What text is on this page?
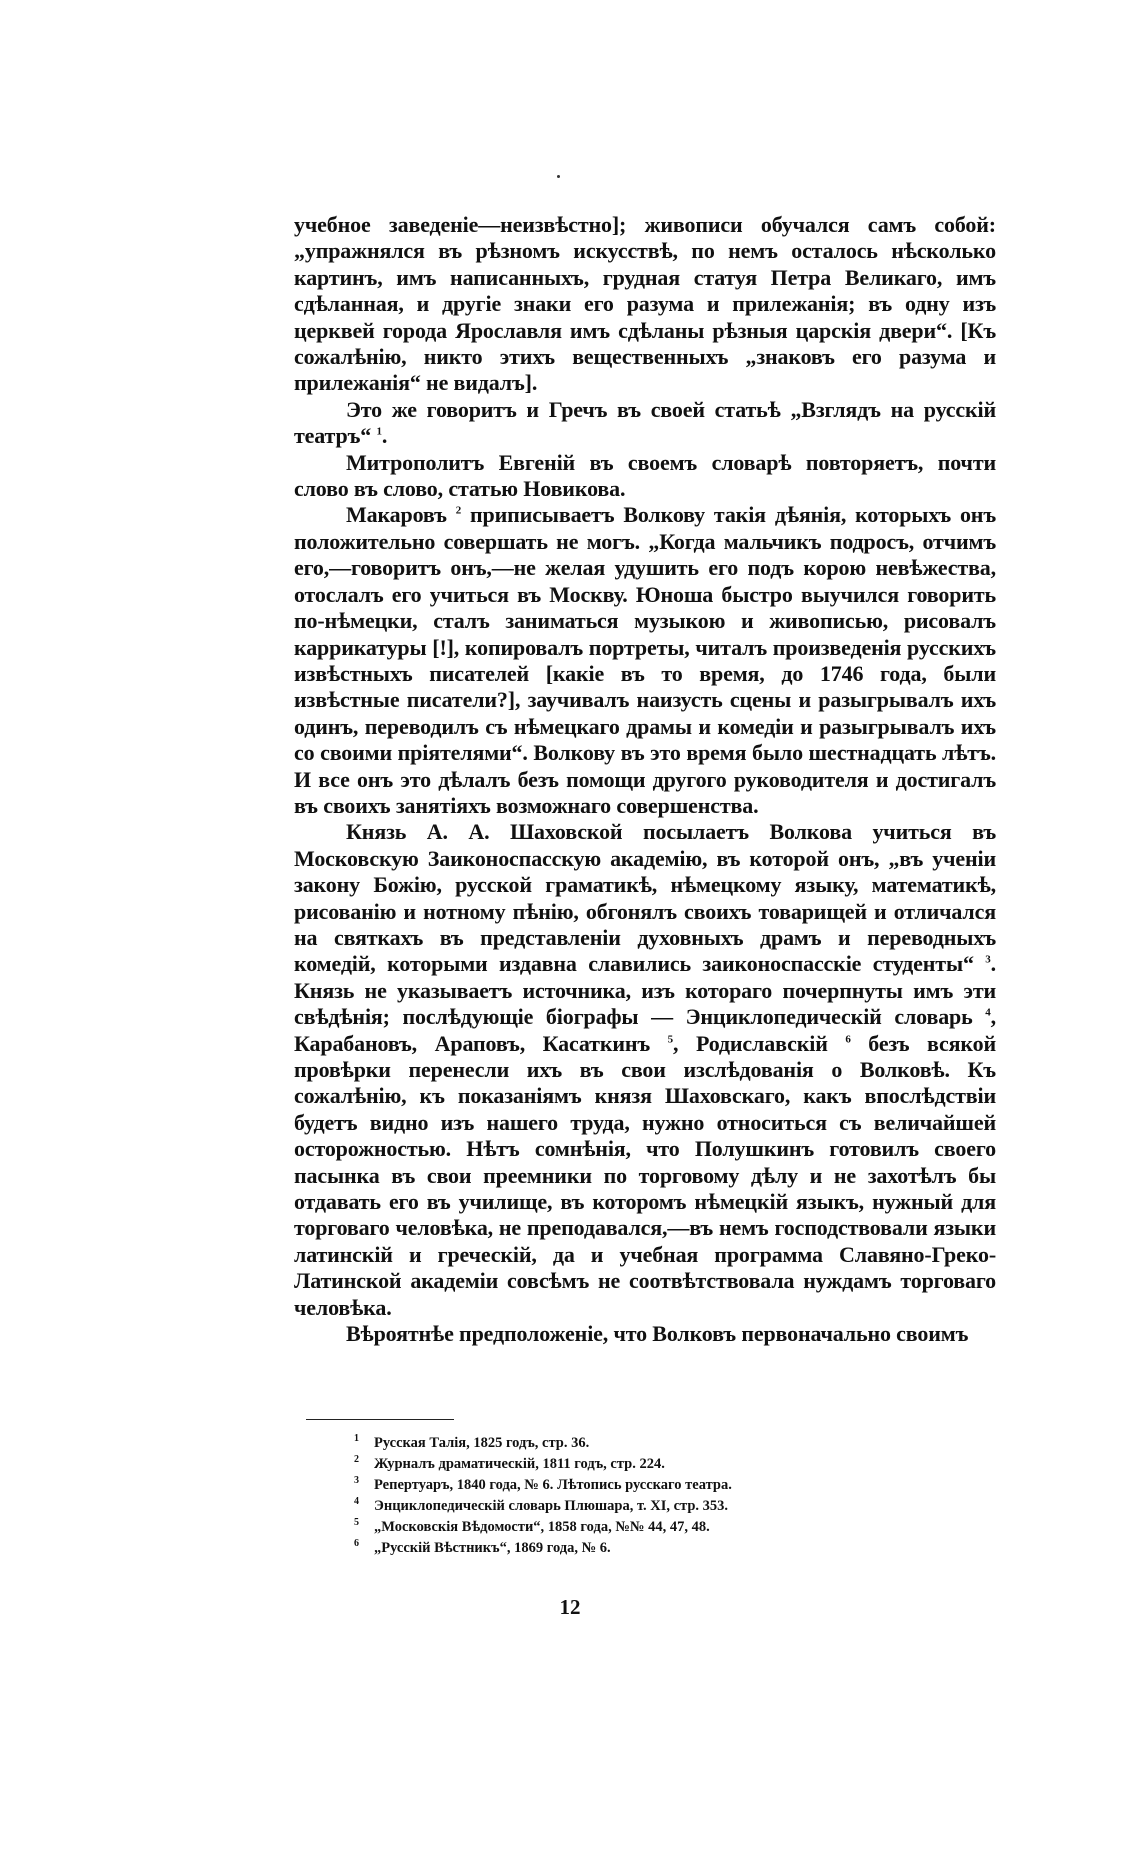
учебное заведеніе—неизвѣстно]; живописи обучался самъ собой: „упражнялся въ рѣзномъ искусствѣ, по немъ осталось нѣсколько картинъ, имъ написанныхъ, грудная статуя Петра Великаго, имъ сдѣланная, и другіе знаки его разума и прилежанія; въ одну изъ церквей города Ярославля имъ сдѣланы рѣзныя царскія двери“. [Къ сожалѣнію, никто этихъ вещественныхъ „знаковъ его разума и прилежанія“ не видалъ].

Это же говоритъ и Гречъ въ своей статьѣ „Взглядъ на русскій театръ“ $^1$.

Митрополитъ Евгеній въ своемъ словарѣ повторяетъ, почти слово въ слово, статью Новикова.

Макаровъ $^2$ приписываетъ Волкову такія дѣянія, которыхъ онъ положительно совершать не могъ. „Когда мальчикъ подросъ, отчимъ его,—говоритъ онъ,—не желая удушить его подъ корою невѣжества, отослалъ его учиться въ Москву. Юноша быстро выучился говорить по-нѣмецки, сталъ заниматься музыкою и живописью, рисовалъ каррикатуры [!], копировалъ портреты, читалъ произведенія русскихъ извѣстныхъ писателей [какіе въ то время, до 1746 года, были извѣстные писатели?], заучивалъ наизусть сцены и разыгрывалъ ихъ одинъ, переводилъ съ нѣмецкаго драмы и комедіи и разыгрывалъ ихъ со своими пріятелями“. Волкову въ это время было шестнадцать лѣтъ. И все онъ это дѣлалъ безъ помощи другого руководителя и достигалъ въ своихъ занятіяхъ возможнаго совершенства.

Князь А. А. Шаховской посылаетъ Волкова учиться въ Московскую Заиконоспасскую академію, въ которой онъ, „въ ученіи закону Божію, русской граматикѣ, нѣмецкому языку, математикѣ, рисованію и нотному пѣнію, обгонялъ своихъ товарищей и отличался на святкахъ въ представленіи духовныхъ драмъ и переводныхъ комедій, которыми издавна славились заиконоспасскіе студенты“ $^3$. Князь не указываетъ источника, изъ котораго почерпнуты имъ эти свѣдѣнія; послѣдующіе біографы — Энциклопедическій словарь $^4$, Карабановъ, Араповъ, Касаткинъ $^5$, Родиславскій $^6$ безъ всякой провѣрки перенесли ихъ въ свои изслѣдованія о Волковѣ. Къ сожалѣнію, къ показаніямъ князя Шаховскаго, какъ впослѣдствіи будетъ видно изъ нашего труда, нужно относиться съ величайшей осторожностью. Нѣтъ сомнѣнія, что Полушкинъ готовилъ своего пасынка въ свои преемники по торговому дѣлу и не захотѣлъ бы отдавать его въ училище, въ которомъ нѣмецкій языкъ, нужный для торговаго человѣка, не преподавался,—въ немъ господствовали языки латинскій и греческій, да и учебная программа Славяно-Греко-Латинской академіи совсѣмъ не соотвѣтствовала нуждамъ торговаго человѣка.

Вѣроятнѣе предположеніе, что Волковъ первоначально своимъ

1 Русская Талія, 1825 годъ, стр. 36.
2 Журналъ драматическій, 1811 годъ, стр. 224.
3 Репертуаръ, 1840 года, № 6. Лѣтопись русскаго театра.
4 Энциклопедическій словарь Плюшара, т. XI, стр. 353.
5 „Московскія Вѣдомости“, 1858 года, №№ 44, 47, 48.
6 „Русскій Вѣстникъ“, 1869 года, № 6.
12
